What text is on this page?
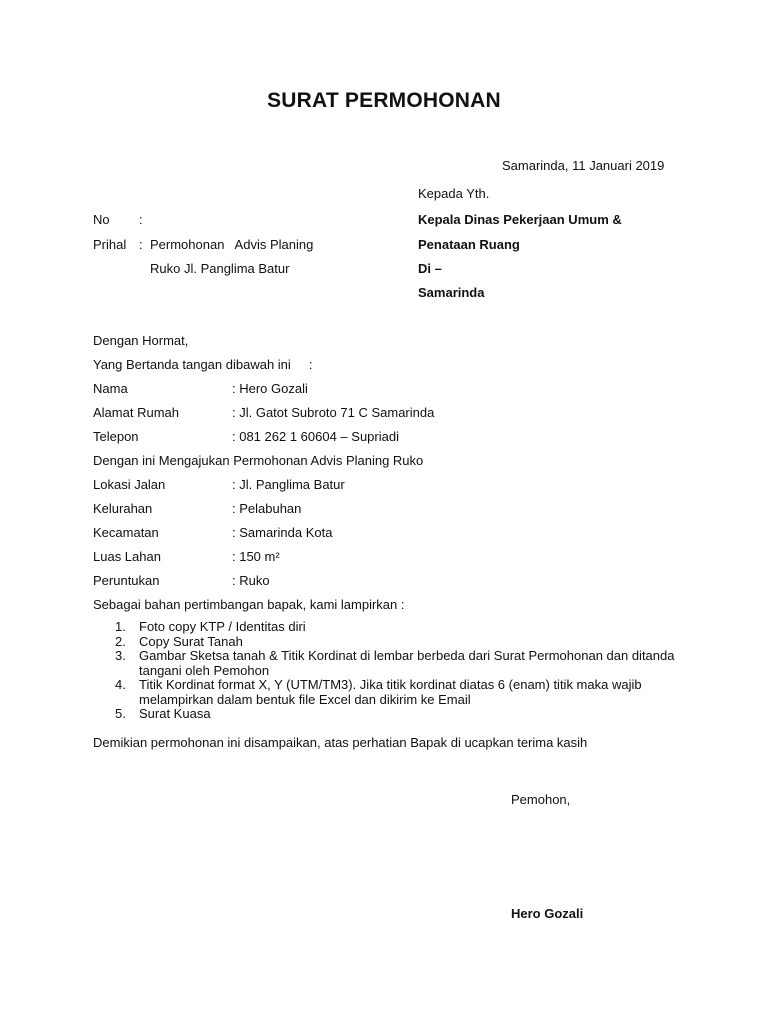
SURAT PERMOHONAN
Samarinda, 11 Januari 2019
Kepada Yth.
Kepala Dinas Pekerjaan Umum &
Penataan Ruang
Di –
Samarinda
No :
Prihal : Permohonan   Advis Planing
Ruko Jl. Panglima Batur
Dengan Hormat,
Yang Bertanda tangan dibawah ini     :
Nama	: Hero Gozali
Alamat Rumah	: Jl. Gatot Subroto 71 C Samarinda
Telepon	: 081 262 1 60604 – Supriadi
Dengan ini Mengajukan Permohonan Advis Planing Ruko
Lokasi Jalan	: Jl. Panglima Batur
Kelurahan	: Pelabuhan
Kecamatan	: Samarinda Kota
Luas Lahan	: 150 m²
Peruntukan	: Ruko
Sebagai bahan pertimbangan bapak, kami lampirkan :
1. Foto copy KTP / Identitas diri
2. Copy Surat Tanah
3. Gambar Sketsa tanah & Titik Kordinat di lembar berbeda dari Surat Permohonan dan ditanda tangani oleh Pemohon
4. Titik Kordinat format X, Y (UTM/TM3). Jika titik kordinat diatas 6 (enam) titik maka wajib melampirkan dalam bentuk file Excel dan dikirim ke Email
5. Surat Kuasa
Demikian permohonan ini disampaikan, atas perhatian Bapak di ucapkan terima kasih
Pemohon,
Hero Gozali
